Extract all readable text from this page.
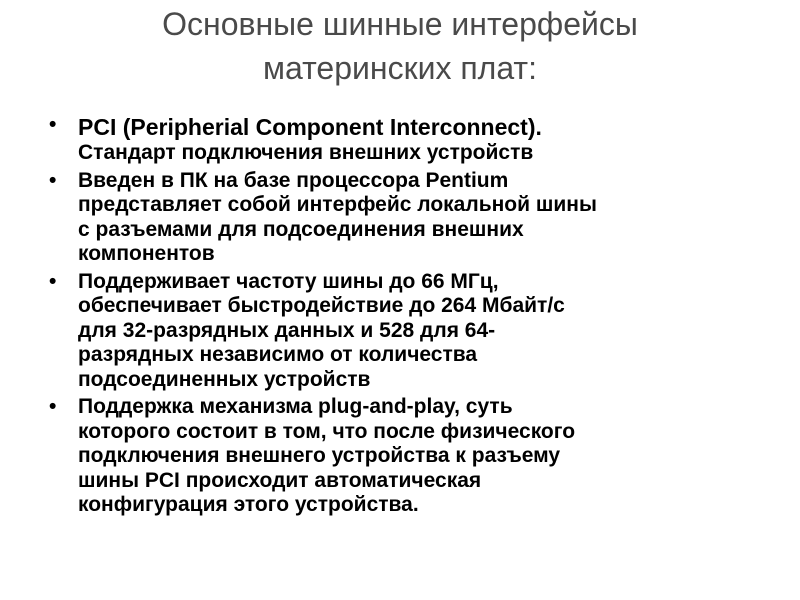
Основные шинные интерфейсы
материнских плат:
• PCI (Peripherial Component Interconnect).
Стандарт подключения внешних устройств
• Введен в ПК на базе процессора Pentium
представляет собой интерфейс локальной шины
с разъемами для подсоединения внешних
компонентов
• Поддерживает частоту шины до 66 МГц,
обеспечивает быстродействие до 264 Мбайт/с
для 32-разрядных данных и 528 для 64-
разрядных независимо от количества
подсоединенных устройств
• Поддержка механизма plug-and-play, суть
которого состоит в том, что после физического
подключения внешнего устройства к разъему
шины PCI происходит автоматическая
конфигурация этого устройства.
